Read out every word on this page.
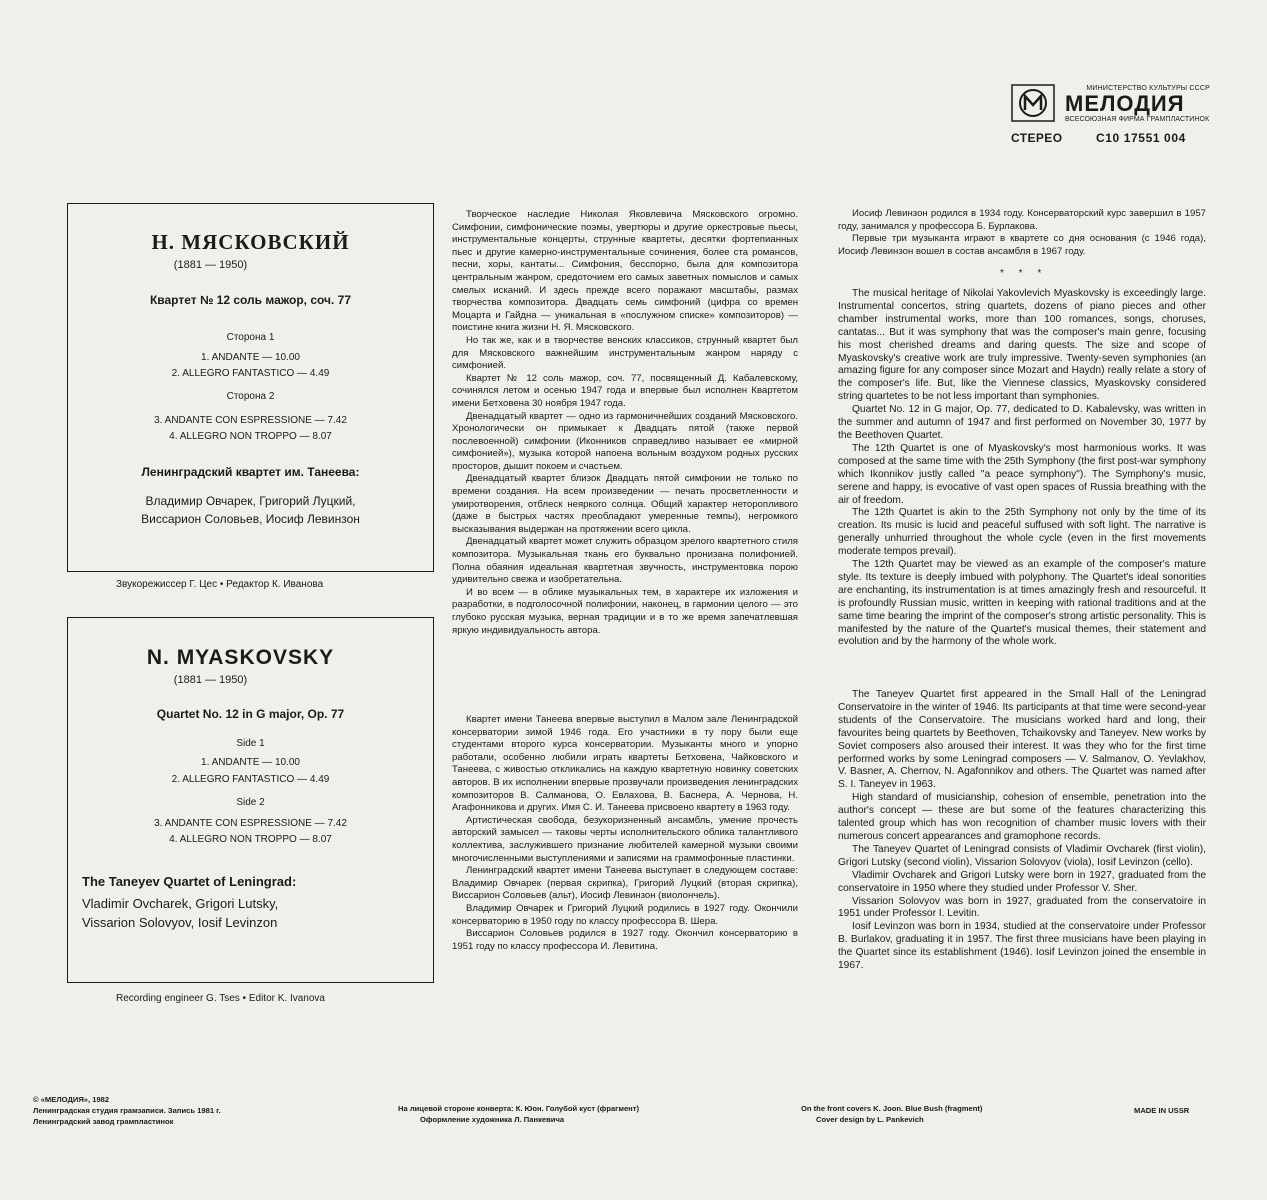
МИНИСТЕРСТВО КУЛЬТУРЫ СССР
МЕЛОДИЯ
ВСЕСОЮЗНАЯ ФИРМА ГРАМПЛАСТИНОК
СТЕРЕО	С10 17551 004
Н. МЯСКОВСКИЙ
(1881 — 1950)
Квартет № 12 соль мажор, соч. 77
Сторона 1
1. ANDANTE — 10.00
2. ALLEGRO FANTASTICO — 4.49
Сторона 2
3. ANDANTE CON ESPRESSIONE — 7.42
4. ALLEGRO NON TROPPO — 8.07
Ленинградский квартет им. Танеева:
Владимир Овчарек, Григорий Луцкий,
Виссарион Соловьев, Иосиф Левинзон
Звукорежиссер Г. Цес • Редактор К. Иванова
N. MYASKOVSKY
(1881 — 1950)
Quartet No. 12 in G major, Op. 77
Side 1
1. ANDANTE — 10.00
2. ALLEGRO FANTASTICO — 4.49
Side 2
3. ANDANTE CON ESPRESSIONE — 7.42
4. ALLEGRO NON TROPPO — 8.07
The Taneyev Quartet of Leningrad:
Vladimir Ovcharek, Grigori Lutsky,
Vissarion Solovyov, Iosif Levinzon
Recording engineer G. Tses • Editor K. Ivanova

Творческое наследие Николая Яковлевича Мясковского огромно. Симфонии, симфонические поэмы, увертюры и другие оркестровые пьесы, инструментальные концерты, струнные квартеты, десятки фортепианных пьес и другие камерно-инструментальные сочинения, более ста романсов, песни, хоры, кантаты... Симфония, бесспорно, была для композитора центральным жанром, средоточием его самых заветных помыслов и самых смелых исканий. И здесь прежде всего поражают масштабы, размах творчества композитора. Двадцать семь симфоний (цифра со времен Моцарта и Гайдна — уникальная в «послужном списке» композиторов) — поистине книга жизни Н. Я. Мясковского.

Но так же, как и в творчестве венских классиков, струнный квартет был для Мясковского важнейшим инструментальным жанром наряду с симфонией.

Квартет № 12 соль мажор, соч. 77, посвященный Д. Кабалевскому, сочинялся летом и осенью 1947 года и впервые был исполнен Квартетом имени Бетховена 30 ноября 1947 года.

Двенадцатый квартет — одно из гармоничнейших созданий Мясковского. Хронологически он примыкает к Двадцать пятой (также первой послевоенной) симфонии (Иконников справедливо называет ее «мирной симфонией»), музыка которой напоена вольным воздухом родных русских просторов, дышит покоем и счастьем.

Двенадцатый квартет близок Двадцать пятой симфонии не только по времени создания. На всем произведении — печать просветленности и умиротворения, отблеск неяркого солнца. Общий характер неторопливого (даже в быстрых частях преобладают умеренные темпы), негромкого высказывания выдержан на протяжении всего цикла.

Двенадцатый квартет может служить образцом зрелого квартетного стиля композитора. Музыкальная ткань его буквально пронизана полифонией. Полна обаяния идеальная квартетная звучность, инструментовка порою удивительно свежа и изобретательна.

И во всем — в облике музыкальных тем, в характере их изложения и разработки, в подголосочной полифонии, наконец, в гармонии целого — это глубоко русская музыка, верная традиции и в то же время запечатлевшая яркую индивидуальность автора.

Квартет имени Танеева впервые выступил в Малом зале Ленинградской консерватории зимой 1946 года. Его участники в ту пору были еще студентами второго курса консерватории. Музыканты много и упорно работали, особенно любили играть квартеты Бетховена, Чайковского и Танеева, с живостью откликались на каждую квартетную новинку советских авторов. В их исполнении впервые прозвучали произведения ленинградских композиторов В. Салманова, О. Евлахова, В. Баснера, А. Чернова, Н. Агафонникова и других. Имя С. И. Танеева присвоено квартету в 1963 году.

Артистическая свобода, безукоризненный ансамбль, умение прочесть авторский замысел — таковы черты исполнительского облика талантливого коллектива, заслужившего признание любителей камерной музыки своими многочисленными выступлениями и записями на граммофонные пластинки.

Ленинградский квартет имени Танеева выступает в следующем составе: Владимир Овчарек (первая скрипка), Григорий Луцкий (вторая скрипка), Виссарион Соловьев (альт), Иосиф Левинзон (виолончель).

Владимир Овчарек и Григорий Луцкий родились в 1927 году. Окончили консерваторию в 1950 году по классу профессора В. Шера.

Виссарион Соловьев родился в 1927 году. Окончил консерваторию в 1951 году по классу профессора И. Левитина.

Иосиф Левинзон родился в 1934 году. Консерваторский курс завершил в 1957 году, занимался у профессора Б. Бурлакова.

Первые три музыканта играют в квартете со дня основания (с 1946 года), Иосиф Левинзон вошел в состав ансамбля в 1967 году.

* * *

The musical heritage of Nikolai Yakovlevich Myaskovsky is exceedingly large. Instrumental concertos, string quartets, dozens of piano pieces and other chamber instrumental works, more than 100 romances, songs, choruses, cantatas... But it was symphony that was the composer's main genre, focusing his most cherished dreams and daring quests. The size and scope of Myaskovsky's creative work are truly impressive. Twenty-seven symphonies (an amazing figure for any composer since Mozart and Haydn) really relate a story of the composer's life. But, like the Viennese classics, Myaskovsky considered string quartetes to be not less important than symphonies.

Quartet No. 12 in G major, Op. 77, dedicated to D. Kabalevsky, was written in the summer and autumn of 1947 and first performed on November 30, 1977 by the Beethoven Quartet.

The 12th Quartet is one of Myaskovsky's most harmonious works. It was composed at the same time with the 25th Symphony (the first post-war symphony which Ikonnikov justly called "a peace symphony"). The Symphony's music, serene and happy, is evocative of vast open spaces of Russia breathing with the air of freedom.

The 12th Quartet is akin to the 25th Symphony not only by the time of its creation. Its music is lucid and peaceful suffused with soft light. The narrative is generally unhurried throughout the whole cycle (even in the first movements moderate tempos prevail).

The 12th Quartet may be viewed as an example of the composer's mature style. Its texture is deeply imbued with polyphony. The Quartet's ideal sonorities are enchanting, its instrumentation is at times amazingly fresh and resourceful. It is profoundly Russian music, written in keeping with rational traditions and at the same time bearing the imprint of the composer's strong artistic personality. This is manifested by the nature of the Quartet's musical themes, their statement and evolution and by the harmony of the whole work.

The Taneyev Quartet first appeared in the Small Hall of the Leningrad Conservatoire in the winter of 1946. Its participants at that time were second-year students of the Conservatoire. The musicians worked hard and long, their favourites being quartets by Beethoven, Tchaikovsky and Taneyev. New works by Soviet composers also aroused their interest. It was they who for the first time performed works by some Leningrad composers — V. Salmanov, O. Yevlakhov, V. Basner, A. Chernov, N. Agafonnikov and others. The Quartet was named after S. I. Taneyev in 1963.

High standard of musicianship, cohesion of ensemble, penetration into the author's concept — these are but some of the features characterizing this talented group which has won recognition of chamber music lovers with their numerous concert appearances and gramophone records.

The Taneyev Quartet of Leningrad consists of Vladimir Ovcharek (first violin), Grigori Lutsky (second violin), Vissarion Solovyov (viola), Iosif Levinzon (cello).

Vladimir Ovcharek and Grigori Lutsky were born in 1927, graduated from the conservatoire in 1950 where they studied under Professor V. Sher.

Vissarion Solovyov was born in 1927, graduated from the conservatoire in 1951 under Professor I. Levitin.

Iosif Levinzon was born in 1934, studied at the conservatoire under Professor B. Burlakov, graduating it in 1957. The first three musicians have been playing in the Quartet since its establishment (1946). Iosif Levinzon joined the ensemble in 1967.

© «МЕЛОДИЯ», 1982
Ленинградская студия грамзаписи. Запись 1981 г.
Ленинградский завод грампластинок
На лицевой стороне конверта: К. Юон. Голубой куст (фрагмент)
Оформление художника Л. Панкевича
On the front covers K. Joon. Blue Bush (fragment)
Cover design by L. Pankevich
MADE IN USSR
